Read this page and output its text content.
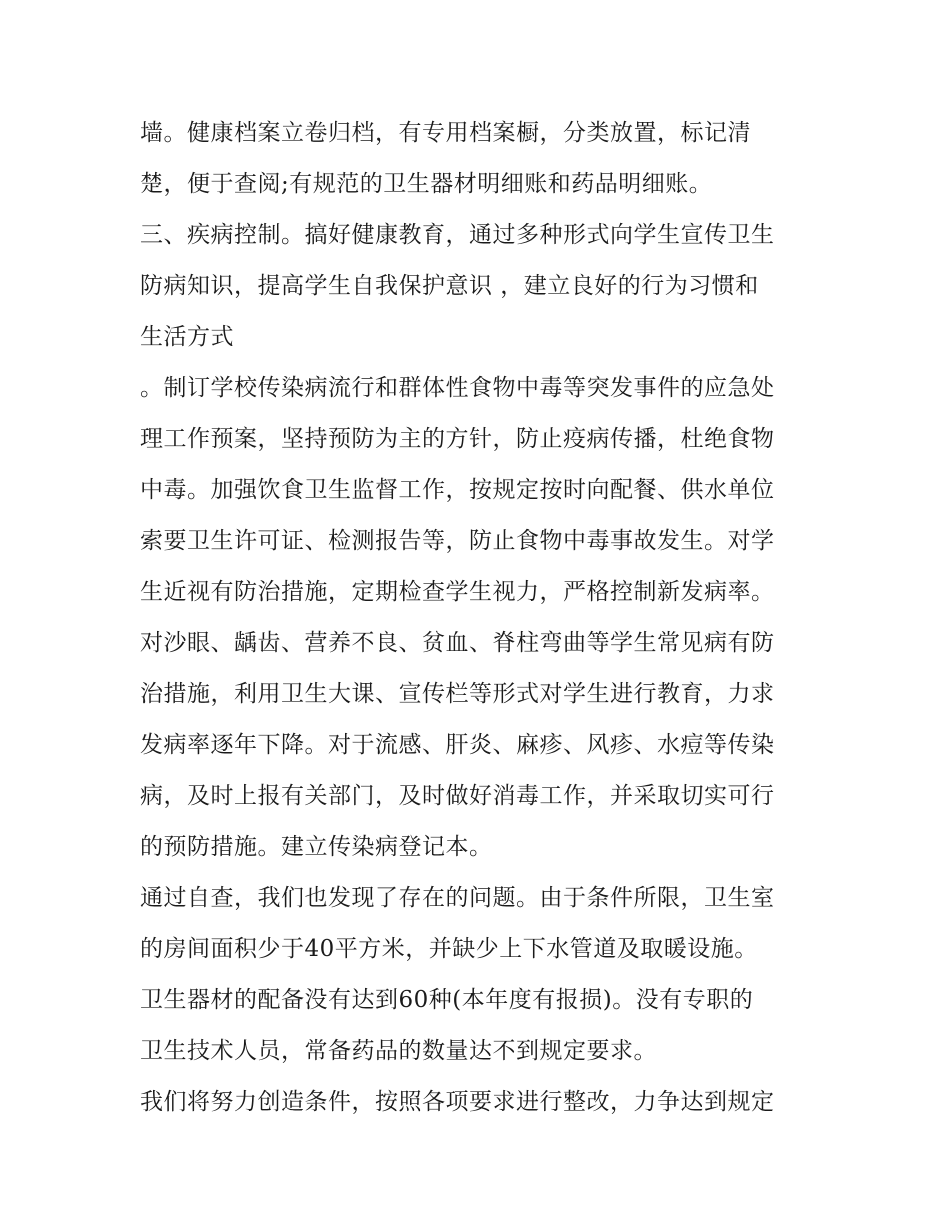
墙。健康档案立卷归档，有专用档案橱，分类放置，标记清
楚，便于查阅;有规范的卫生器材明细账和药品明细账。
三、疾病控制。搞好健康教育，通过多种形式向学生宣传卫生
防病知识，提高学生自我保护意识 ，建立良好的行为习惯和
生活方式
。制订学校传染病流行和群体性食物中毒等突发事件的应急处
理工作预案，坚持预防为主的方针，防止疫病传播，杜绝食物
中毒。加强饮食卫生监督工作，按规定按时向配餐、供水单位
索要卫生许可证、检测报告等，防止食物中毒事故发生。对学
生近视有防治措施，定期检查学生视力，严格控制新发病率。
对沙眼、龋齿、营养不良、贫血、脊柱弯曲等学生常见病有防
治措施，利用卫生大课、宣传栏等形式对学生进行教育，力求
发病率逐年下降。对于流感、肝炎、麻疹、风疹、水痘等传染
病，及时上报有关部门，及时做好消毒工作，并采取切实可行
的预防措施。建立传染病登记本。
通过自查，我们也发现了存在的问题。由于条件所限，卫生室
的房间面积少于40平方米，并缺少上下水管道及取暖设施。
卫生器材的配备没有达到60种(本年度有报损)。没有专职的
卫生技术人员，常备药品的数量达不到规定要求。
我们将努力创造条件，按照各项要求进行整改，力争达到规定
